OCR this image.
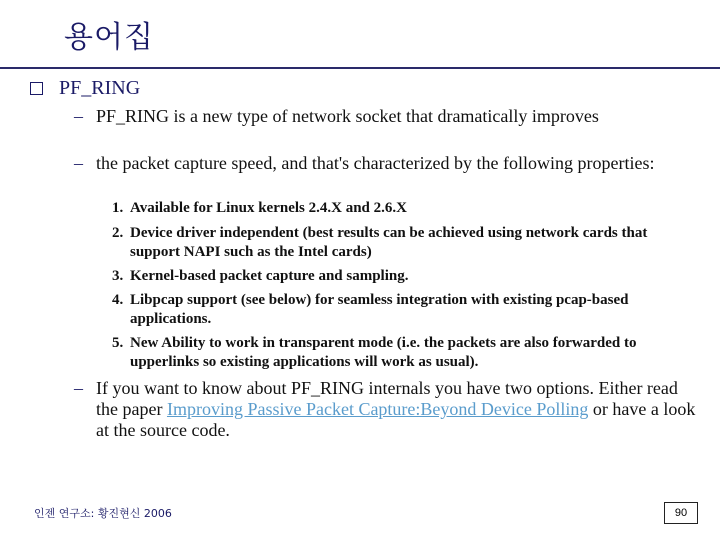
용어집
PF_RING
– PF_RING is a new type of network socket that dramatically improves
– the packet capture speed, and that's characterized by the following properties:
1. Available for Linux kernels 2.4.X and 2.6.X
2. Device driver independent (best results can be achieved using network cards that support NAPI such as the Intel cards)
3. Kernel-based packet capture and sampling.
4. Libpcap support (see below) for seamless integration with existing pcap-based applications.
5. New Ability to work in transparent mode (i.e. the packets are also forwarded to upperlinks so existing applications will work as usual).
– If you want to know about PF_RING internals you have two options. Either read the paper Improving Passive Packet Capture:Beyond Device Polling or have a look at the source code.
인젠 연구소: 황진현신 2006	90
